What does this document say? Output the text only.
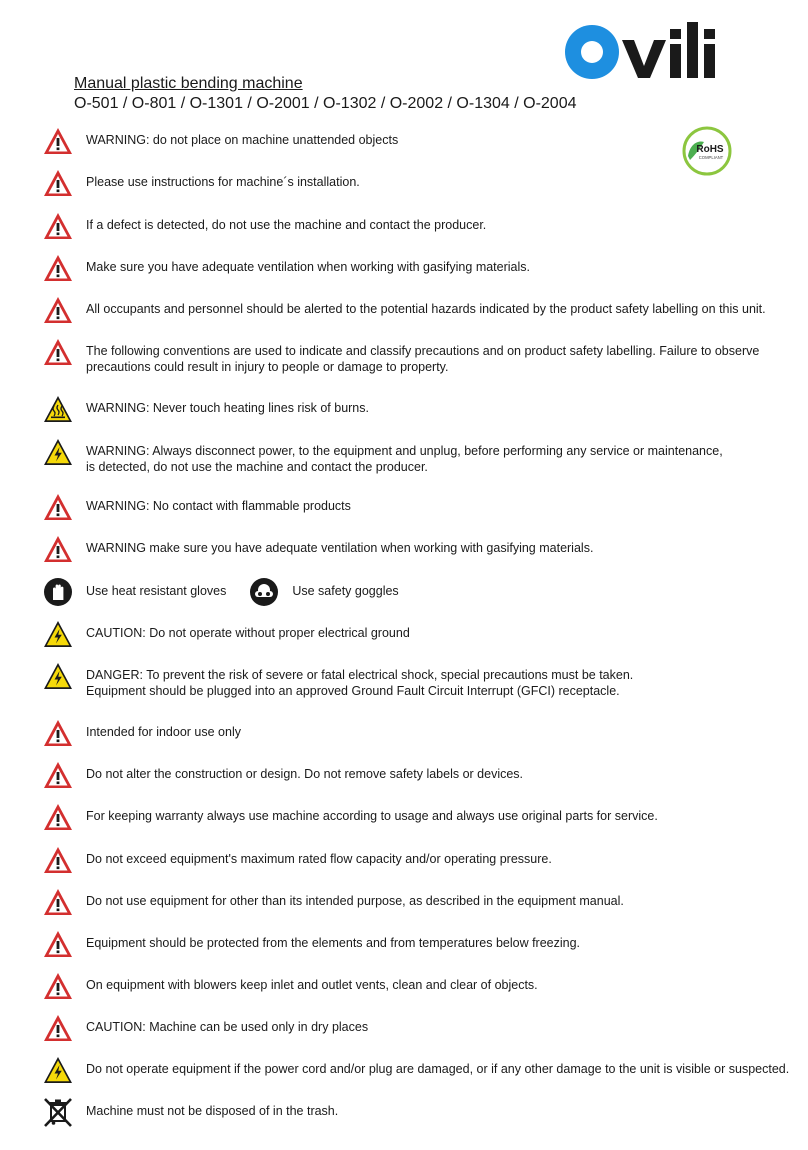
Manual plastic bending machine
O-501 / O-801 / O-1301 / O-2001 / O-1302 / O-2002 / O-1304 / O-2004
RoHS
COMPLIANT
WARNING: do not place on machine unattended objects
Please use instructions for machine´s installation.
If a defect is detected, do not use the machine and contact the producer.
Make sure you have adequate ventilation when working with gasifying materials.
All occupants and personnel should be alerted to the potential hazards indicated by the product safety labelling on this unit.
The following conventions are used to indicate and classify precautions and on product safety labelling. Failure to observe
precautions could result in injury to people or damage to property.
WARNING: Never touch heating lines risk of burns.
WARNING: Always disconnect power, to the equipment and unplug, before performing any service or maintenance,
is detected, do not use the machine and contact the producer.
WARNING: No contact with flammable products
WARNING make sure you have adequate ventilation when working with gasifying materials.
Use heat resistant gloves	Use safety goggles
CAUTION: Do not operate without proper electrical ground
DANGER: To prevent the risk of severe or fatal electrical shock, special precautions must be taken.
Equipment should be plugged into an approved Ground Fault Circuit Interrupt (GFCI) receptacle.
Intended for indoor use only
Do not alter the construction or design. Do not remove safety labels or devices.
For keeping warranty always use machine according to usage and always use original parts for service.
Do not exceed equipment's maximum rated flow capacity and/or operating pressure.
Do not use equipment for other than its intended purpose, as described in the equipment manual.
Equipment should be protected from the elements and from temperatures below freezing.
On equipment with blowers keep inlet and outlet vents, clean and clear of objects.
CAUTION: Machine can be used only in dry places
Do not operate equipment if the power cord and/or plug are damaged, or if any other damage to the unit is visible or suspected.
Machine must not be disposed of in the trash.
